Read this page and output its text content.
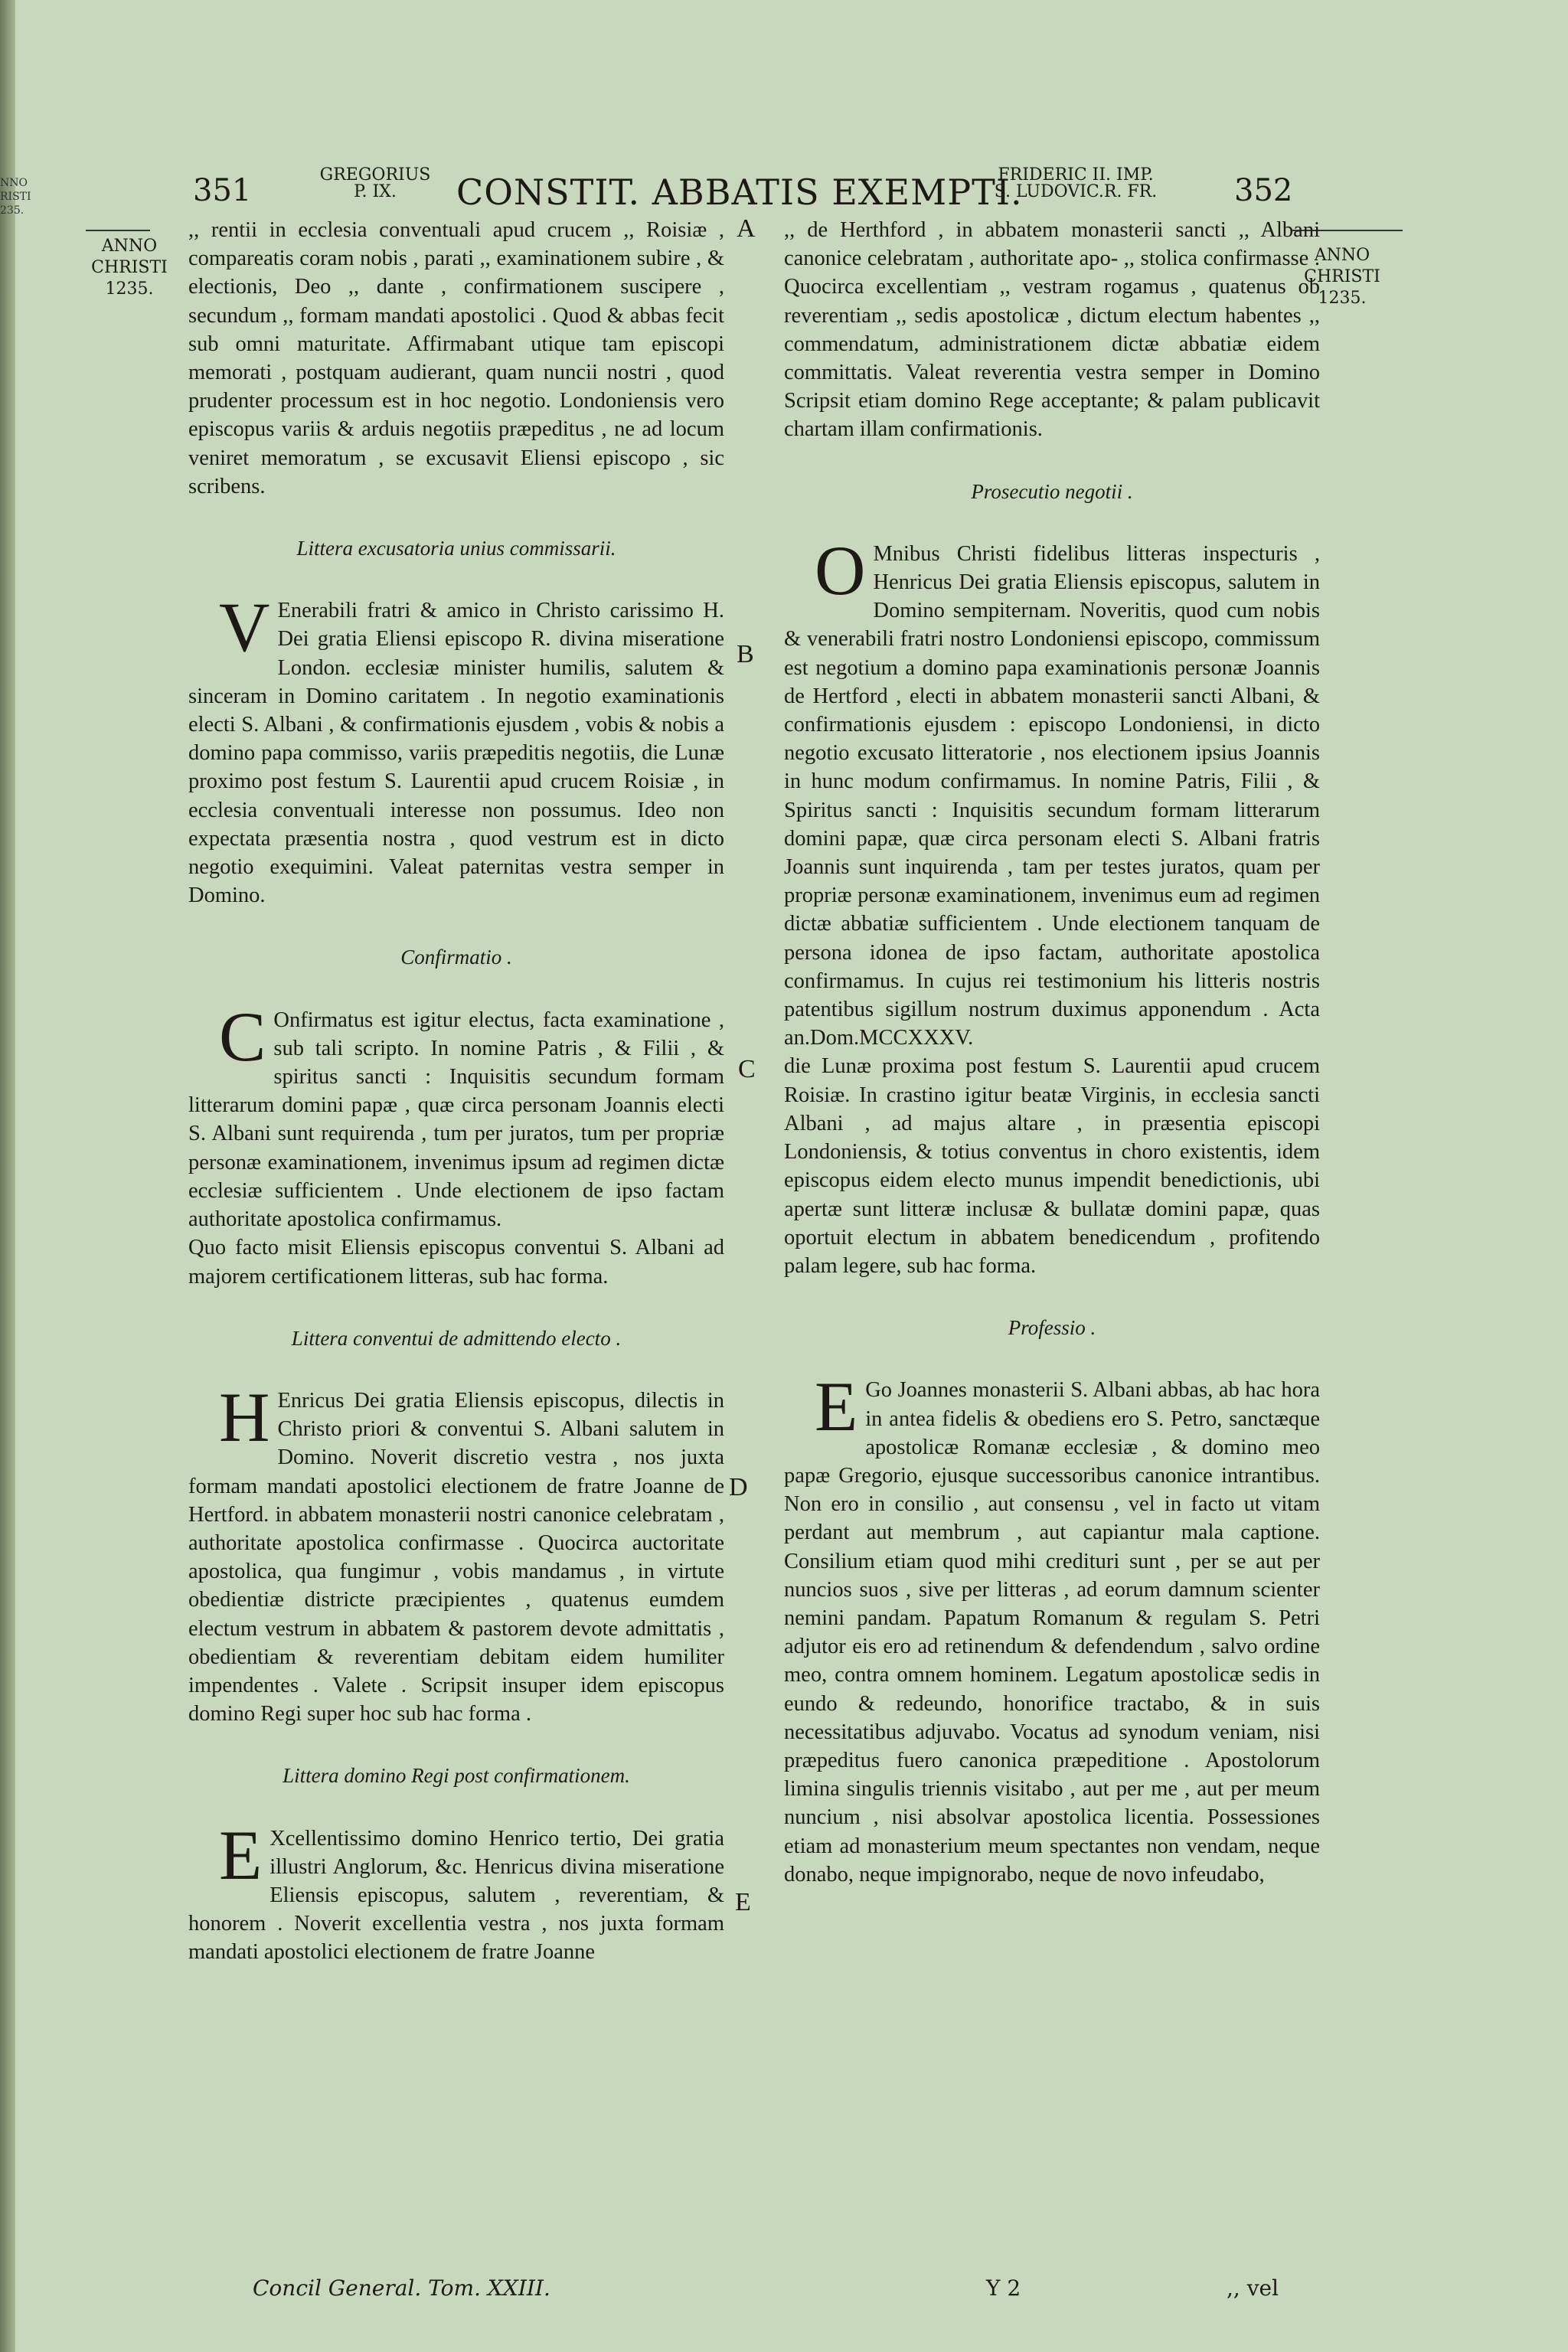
NNO
RISTI
235.
351	GREGORIUS
P. IX.	CONSTIT. ABBATIS EXEMPTI.
FRIDERIC II. IMP.
S. LUDOVIC.R. FR.	352
ANNO
CHRISTI
1235.
ANNO
CHRISTI
1235.
A
B
C
D
E

,, rentii in ecclesia conventuali apud crucem ,, Roisiæ , compareatis coram nobis , parati ,, examinationem subire , & electionis, Deo ,, dante , confirmationem suscipere , secundum ,, formam mandati apostolici . Quod & abbas fecit sub omni maturitate. Affirmabant utique tam episcopi memorati , postquam audierant, quam nuncii nostri , quod prudenter processum est in hoc negotio. Londoniensis vero episcopus variis & arduis negotiis præpeditus , ne ad locum veniret memoratum , se excusavit Eliensi episcopo , sic scribens.

Littera excusatoria unius commissarii.
V Enerabili fratri & amico in Christo carissimo H. Dei gratia Eliensi episcopo R. divina miseratione London. ecclesiæ minister humilis, salutem & sinceram in Domino caritatem . In negotio examinationis electi S. Albani , & confirmationis ejusdem , vobis & nobis a domino papa commisso, variis præpeditis negotiis, die Lunæ proximo post festum S. Laurentii apud crucem Roisiæ , in ecclesia conventuali interesse non possumus. Ideo non expectata præsentia nostra , quod vestrum est in dicto negotio exequimini. Valeat paternitas vestra semper in Domino.

Confirmatio .
C Onfirmatus est igitur electus, facta examinatione , sub tali scripto. In nomine Patris , & Filii , & spiritus sancti : Inquisitis secundum formam litterarum domini papæ , quæ circa personam Joannis electi S. Albani sunt requirenda , tum per juratos, tum per propriæ personæ examinationem, invenimus ipsum ad regimen dictæ ecclesiæ sufficientem . Unde electionem de ipso factam authoritate apostolica confirmamus.

Quo facto misit Eliensis episcopus conventui S. Albani ad majorem certificationem litteras, sub hac forma.

Littera conventui de admittendo electo .
H Enricus Dei gratia Eliensis episcopus, dilectis in Christo priori & conventui S. Albani salutem in Domino. Noverit discretio vestra , nos juxta formam mandati apostolici electionem de fratre Joanne de Hertford. in abbatem monasterii nostri canonice celebratam , authoritate apostolica confirmasse . Quocirca auctoritate apostolica, qua fungimur , vobis mandamus , in virtute obedientiæ districte præcipientes , quatenus eumdem electum vestrum in abbatem & pastorem devote admittatis , obedientiam & reverentiam debitam eidem humiliter impendentes . Valete . Scripsit insuper idem episcopus domino Regi super hoc sub hac forma .

Littera domino Regi post confirmationem.
E Xcellentissimo domino Henrico tertio, Dei gratia illustri Anglorum, &c. Henricus divina miseratione Eliensis episcopus, salutem , reverentiam, & honorem . Noverit excellentia vestra , nos juxta formam mandati apostolici electionem de fratre Joanne

,, de Herthford , in abbatem monasterii sancti ,, Albani canonice celebratam , authoritate apo- ,, stolica confirmasse . Quocirca excellentiam ,, vestram rogamus , quatenus ob reverentiam ,, sedis apostolicæ , dictum electum habentes ,, commendatum, administrationem dictæ abbatiæ eidem committatis. Valeat reverentia vestra semper in Domino Scripsit etiam domino Rege acceptante; & palam publicavit chartam illam confirmationis.

Prosecutio negotii .
O Mnibus Christi fidelibus litteras inspecturis , Henricus Dei gratia Eliensis episcopus, salutem in Domino sempiternam. Noveritis, quod cum nobis & venerabili fratri nostro Londoniensi episcopo, commissum est negotium a domino papa examinationis personæ Joannis de Hertford , electi in abbatem monasterii sancti Albani, & confirmationis ejusdem : episcopo Londoniensi, in dicto negotio excusato litteratorie , nos electionem ipsius Joannis in hunc modum confirmamus. In nomine Patris, Filii , & Spiritus sancti : Inquisitis secundum formam litterarum domini papæ, quæ circa personam electi S. Albani fratris Joannis sunt inquirenda , tam per testes juratos, quam per propriæ personæ examinationem, invenimus eum ad regimen dictæ abbatiæ sufficientem . Unde electionem tanquam de persona idonea de ipso factam, authoritate apostolica confirmamus. In cujus rei testimonium his litteris nostris patentibus sigillum nostrum duximus apponendum . Acta an.Dom.MCCXXXV.

die Lunæ proxima post festum S. Laurentii apud crucem Roisiæ. In crastino igitur beatæ Virginis, in ecclesia sancti Albani , ad majus altare , in præsentia episcopi Londoniensis, & totius conventus in choro existentis, idem episcopus eidem electo munus impendit benedictionis, ubi apertæ sunt litteræ inclusæ & bullatæ domini papæ, quas oportuit electum in abbatem benedicendum , profitendo palam legere, sub hac forma.

Professio .
E Go Joannes monasterii S. Albani abbas, ab hac hora in antea fidelis & obediens ero S. Petro, sanctæque apostolicæ Romanæ ecclesiæ , & domino meo papæ Gregorio, ejusque successoribus canonice intrantibus. Non ero in consilio , aut consensu , vel in facto ut vitam perdant aut membrum , aut capiantur mala captione. Consilium etiam quod mihi credituri sunt , per se aut per nuncios suos , sive per litteras , ad eorum damnum scienter nemini pandam. Papatum Romanum & regulam S. Petri adjutor eis ero ad retinendum & defendendum , salvo ordine meo, contra omnem hominem. Legatum apostolicæ sedis in eundo & redeundo, honorifice tractabo, & in suis necessitatibus adjuvabo. Vocatus ad synodum veniam, nisi præpeditus fuero canonica præpeditione . Apostolorum limina singulis triennis visitabo , aut per me , aut per meum nuncium , nisi absolvar apostolica licentia. Possessiones etiam ad monasterium meum spectantes non vendam, neque donabo, neque impignorabo, neque de novo infeudabo,

Concil General. Tom. XXIII.	Y 2	,, vel
